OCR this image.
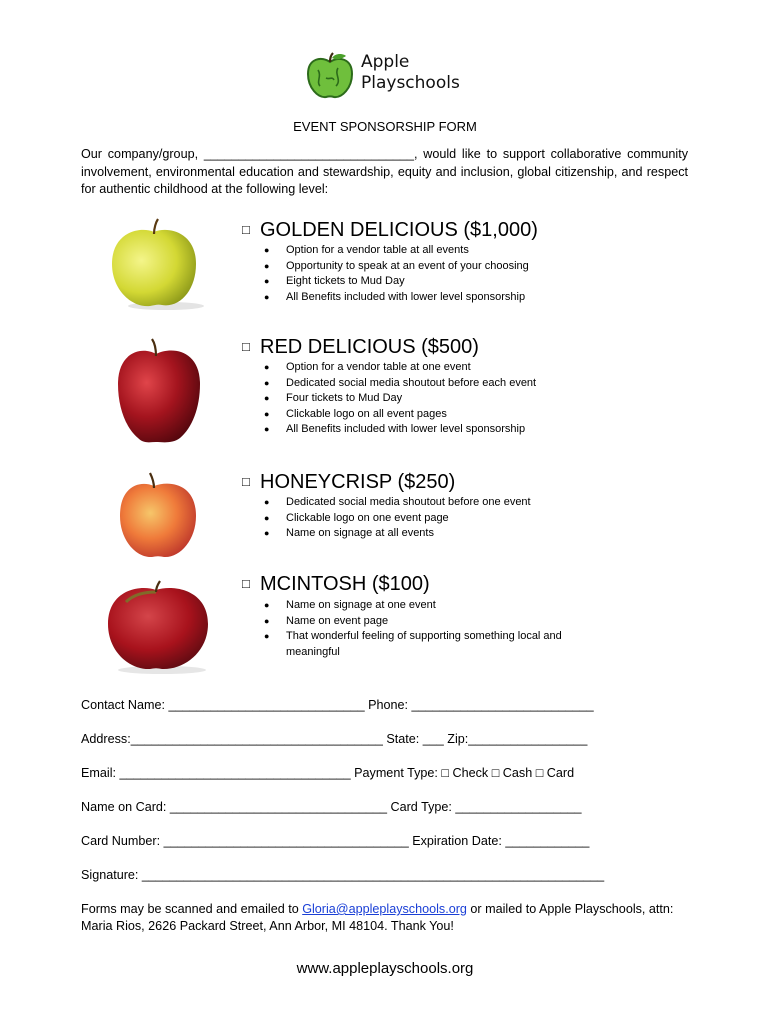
Apple
Playschools
EVENT SPONSORSHIP FORM
Our company/group, ______________________________, would like to support collaborative community involvement, environmental education and stewardship, equity and inclusion, global citizenship, and respect for authentic childhood at the following level:
□ GOLDEN DELICIOUS ($1,000)
● Option for a vendor table at all events
● Opportunity to speak at an event of your choosing
● Eight tickets to Mud Day
● All Benefits included with lower level sponsorship
□ RED DELICIOUS ($500)
● Option for a vendor table at one event
● Dedicated social media shoutout before each event
● Four tickets to Mud Day
● Clickable logo on all event pages
● All Benefits included with lower level sponsorship
□ HONEYCRISP ($250)
● Dedicated social media shoutout before one event
● Clickable logo on one event page
● Name on signage at all events
□ MCINTOSH ($100)
● Name on signage at one event
● Name on event page
● That wonderful feeling of supporting something local and meaningful
Contact Name: ____________________________ Phone: __________________________
Address:____________________________________ State: ___ Zip:_________________
Email: _________________________________ Payment Type: □ Check □ Cash □ Card
Name on Card: _______________________________ Card Type: __________________
Card Number: ___________________________________ Expiration Date: ____________
Signature: __________________________________________________________________
Forms may be scanned and emailed to Gloria@appleplayschools.org or mailed to Apple Playschools, attn: Maria Rios, 2626 Packard Street, Ann Arbor, MI 48104. Thank You!
www.appleplayschools.org
